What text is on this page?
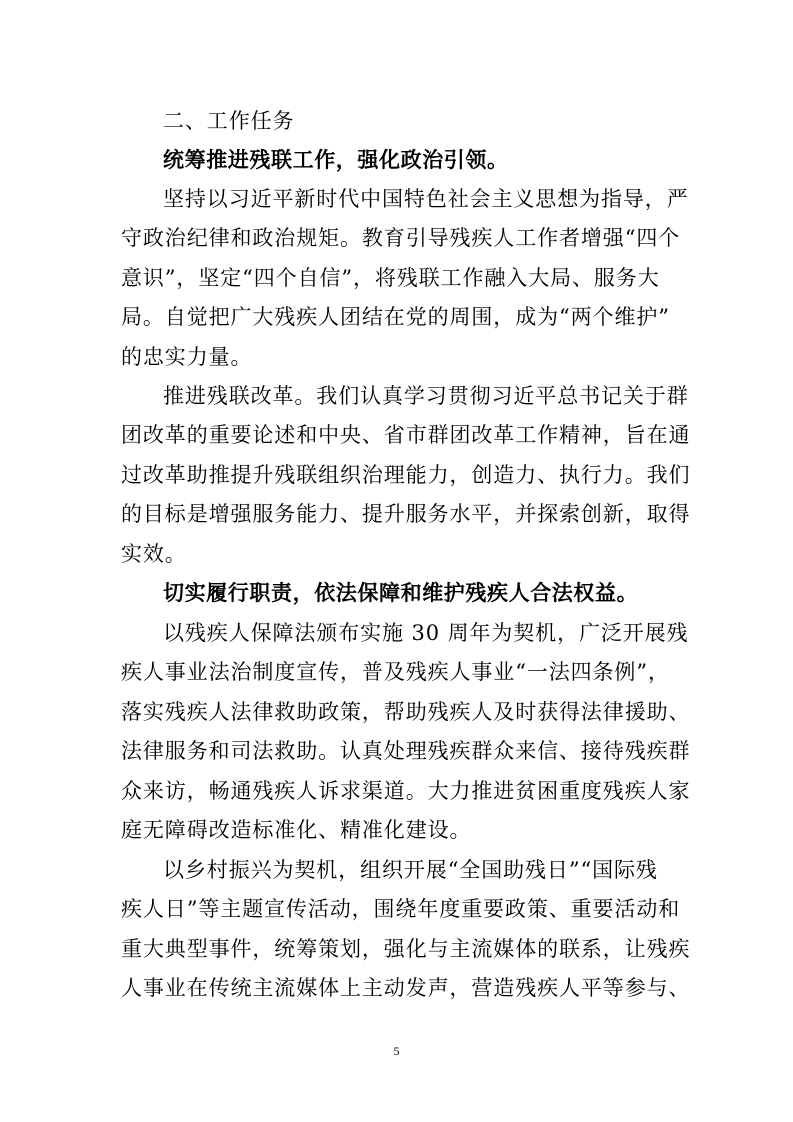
二、工作任务
统筹推进残联工作，强化政治引领。
坚持以习近平新时代中国特色社会主义思想为指导，严
守政治纪律和政治规矩。教育引导残疾人工作者增强“四个
意识”，坚定“四个自信”，将残联工作融入大局、服务大
局。自觉把广大残疾人团结在党的周围，成为“两个维护”
的忠实力量。
推进残联改革。我们认真学习贯彻习近平总书记关于群
团改革的重要论述和中央、省市群团改革工作精神，旨在通
过改革助推提升残联组织治理能力，创造力、执行力。我们
的目标是增强服务能力、提升服务水平，并探索创新，取得
实效。
切实履行职责，依法保障和维护残疾人合法权益。
以残疾人保障法颁布实施 30 周年为契机，广泛开展残
疾人事业法治制度宣传，普及残疾人事业“一法四条例”，
落实残疾人法律救助政策，帮助残疾人及时获得法律援助、
法律服务和司法救助。认真处理残疾群众来信、接待残疾群
众来访，畅通残疾人诉求渠道。大力推进贫困重度残疾人家
庭无障碍改造标准化、精准化建设。
以乡村振兴为契机，组织开展“全国助残日”“国际残
疾人日”等主题宣传活动，围绕年度重要政策、重要活动和
重大典型事件，统筹策划，强化与主流媒体的联系，让残疾
人事业在传统主流媒体上主动发声，营造残疾人平等参与、
5
